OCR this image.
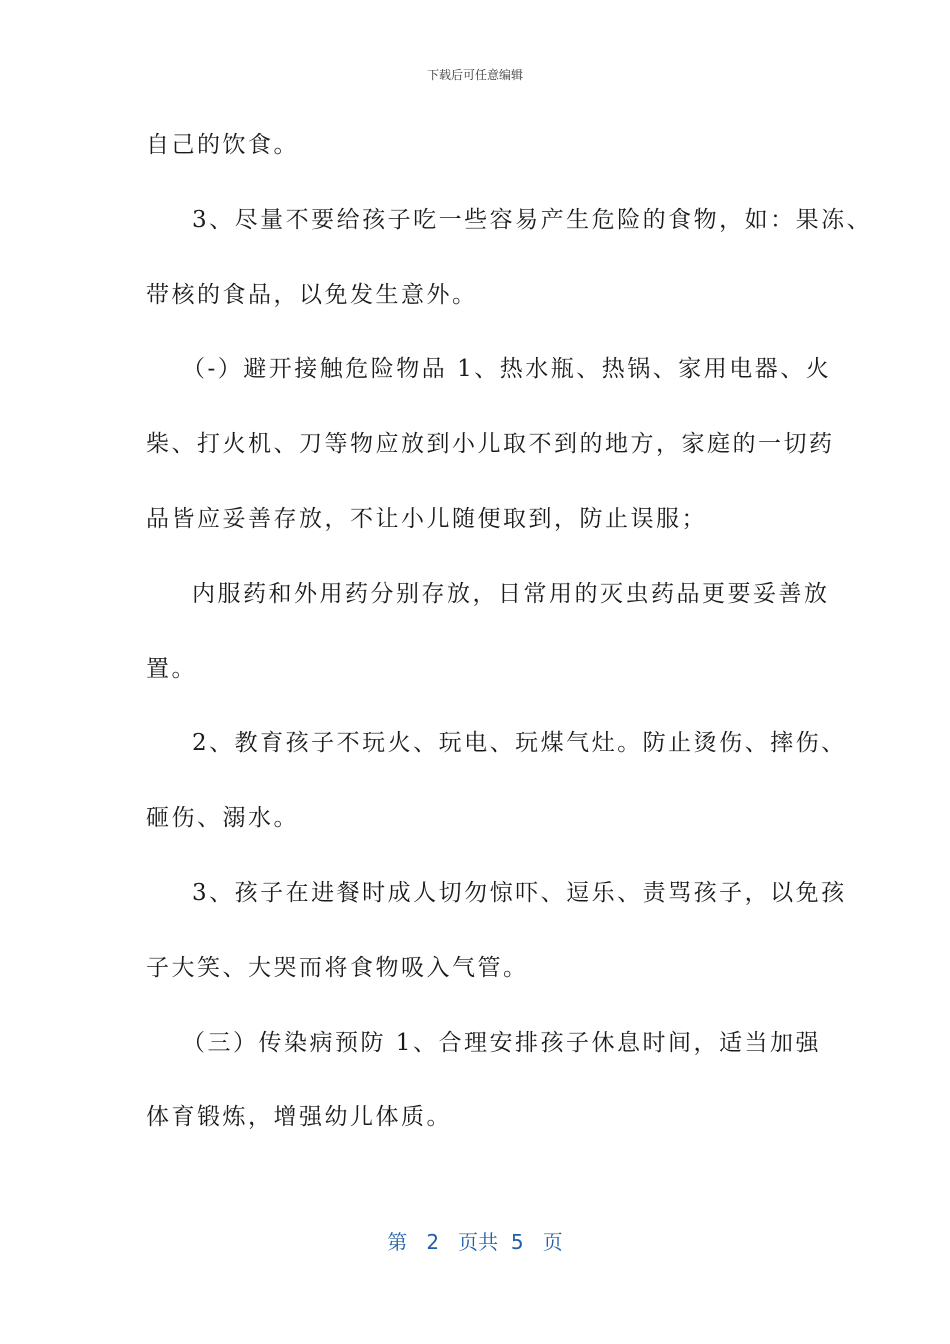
下载后可任意编辑
自己的饮食。
3、尽量不要给孩子吃一些容易产生危险的食物，如：果冻、
带核的食品，以免发生意外。
（-）避开接触危险物品 1、热水瓶、热锅、家用电器、火
柴、打火机、刀等物应放到小儿取不到的地方，家庭的一切药
品皆应妥善存放，不让小儿随便取到，防止误服；
内服药和外用药分别存放，日常用的灭虫药品更要妥善放
置。
2、教育孩子不玩火、玩电、玩煤气灶。防止烫伤、摔伤、
砸伤、溺水。
3、孩子在进餐时成人切勿惊吓、逗乐、责骂孩子，以免孩
子大笑、大哭而将食物吸入气管。
（三）传染病预防 1、合理安排孩子休息时间，适当加强
体育锻炼，增强幼儿体质。
第 2 页共 5 页
